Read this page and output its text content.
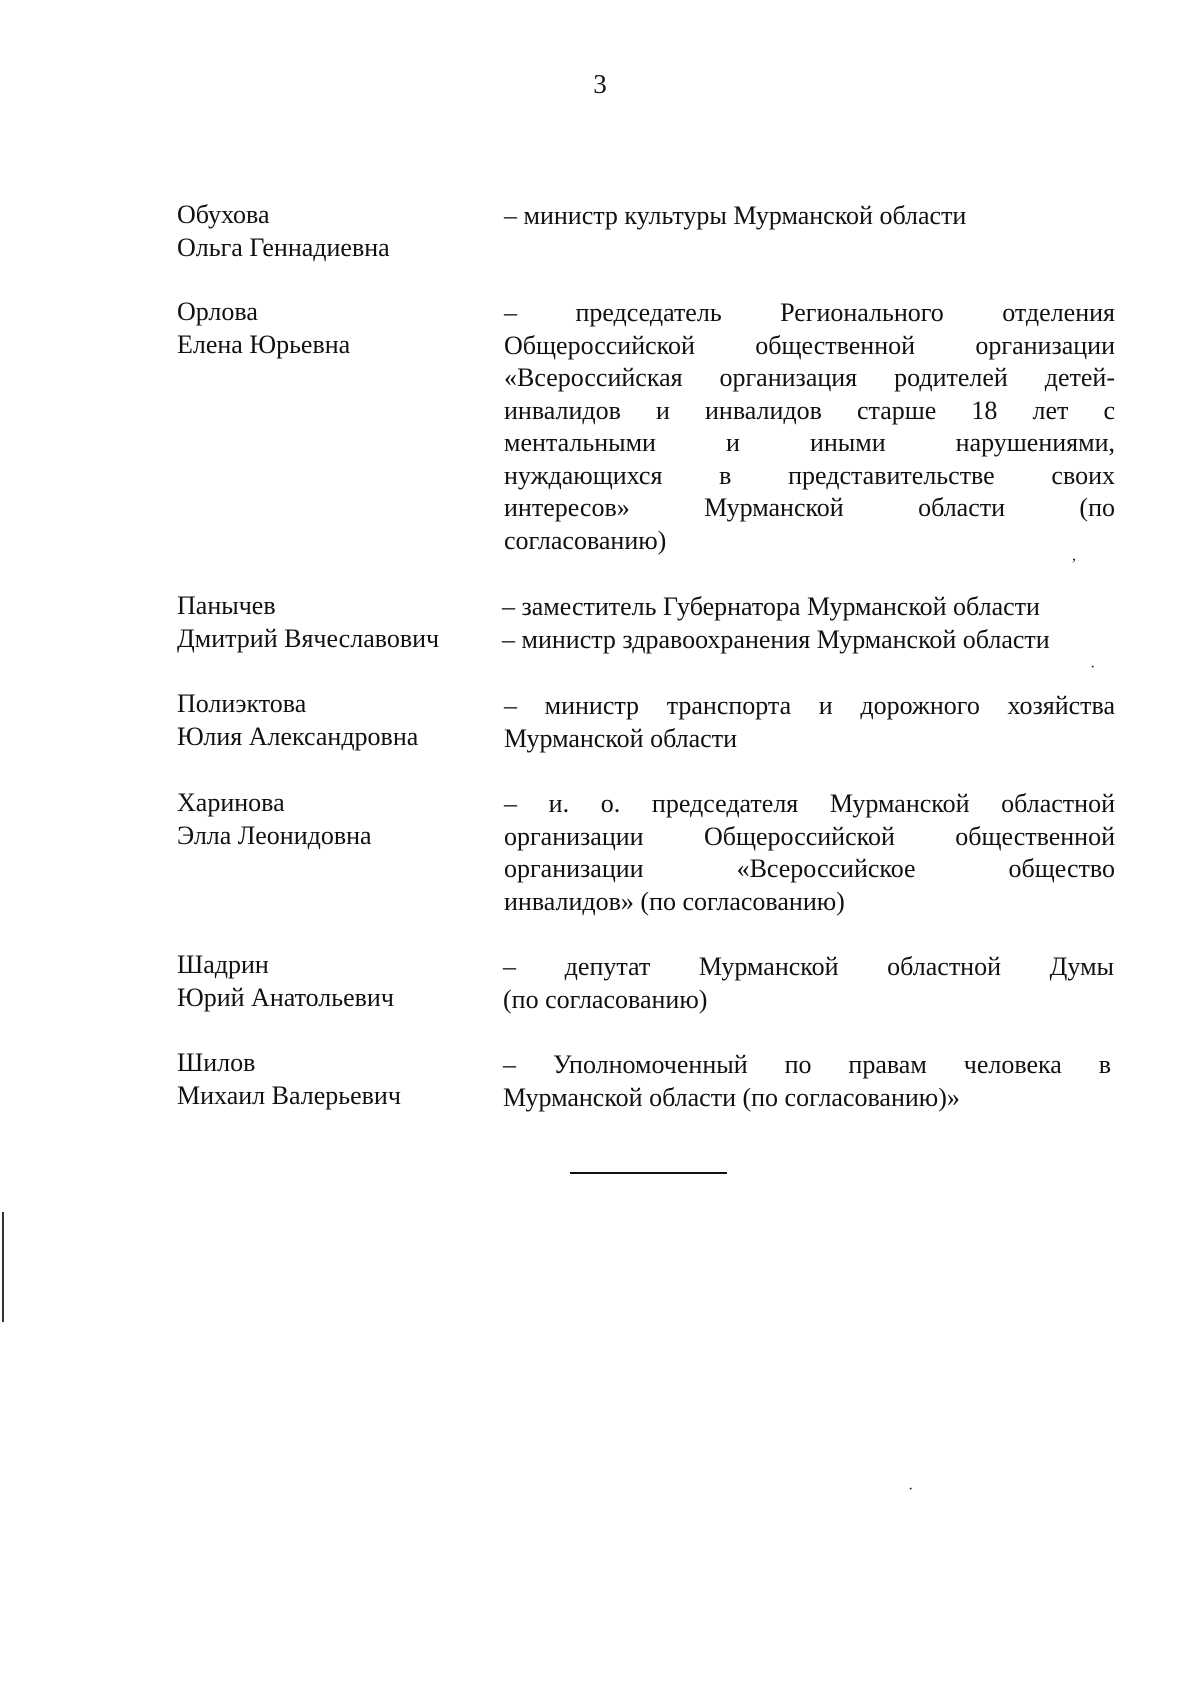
3
Обухова
Ольга Геннадиевна
– министр культуры Мурманской области
Орлова
Елена Юрьевна
– председатель Регионального отделения
Общероссийской общественной организации
«Всероссийская организация родителей детей-
инвалидов и инвалидов старше 18 лет с
ментальными и иными нарушениями,
нуждающихся в представительстве своих
интересов» Мурманской области (по
согласованию)
Панычев
Дмитрий Вячеславович
– заместитель Губернатора Мурманской области
– министр здравоохранения Мурманской области
Полиэктова
Юлия Александровна
– министр транспорта и дорожного хозяйства
Мурманской области
Харинова
Элла Леонидовна
– и. о. председателя Мурманской областной
организации Общероссийской общественной
организации «Всероссийское общество
инвалидов» (по согласованию)
Шадрин
Юрий Анатольевич
– депутат Мурманской областной Думы
(по согласованию)
Шилов
Михаил Валерьевич
– Уполномоченный по правам человека в
Мурманской области (по согласованию)»
,
·
·
